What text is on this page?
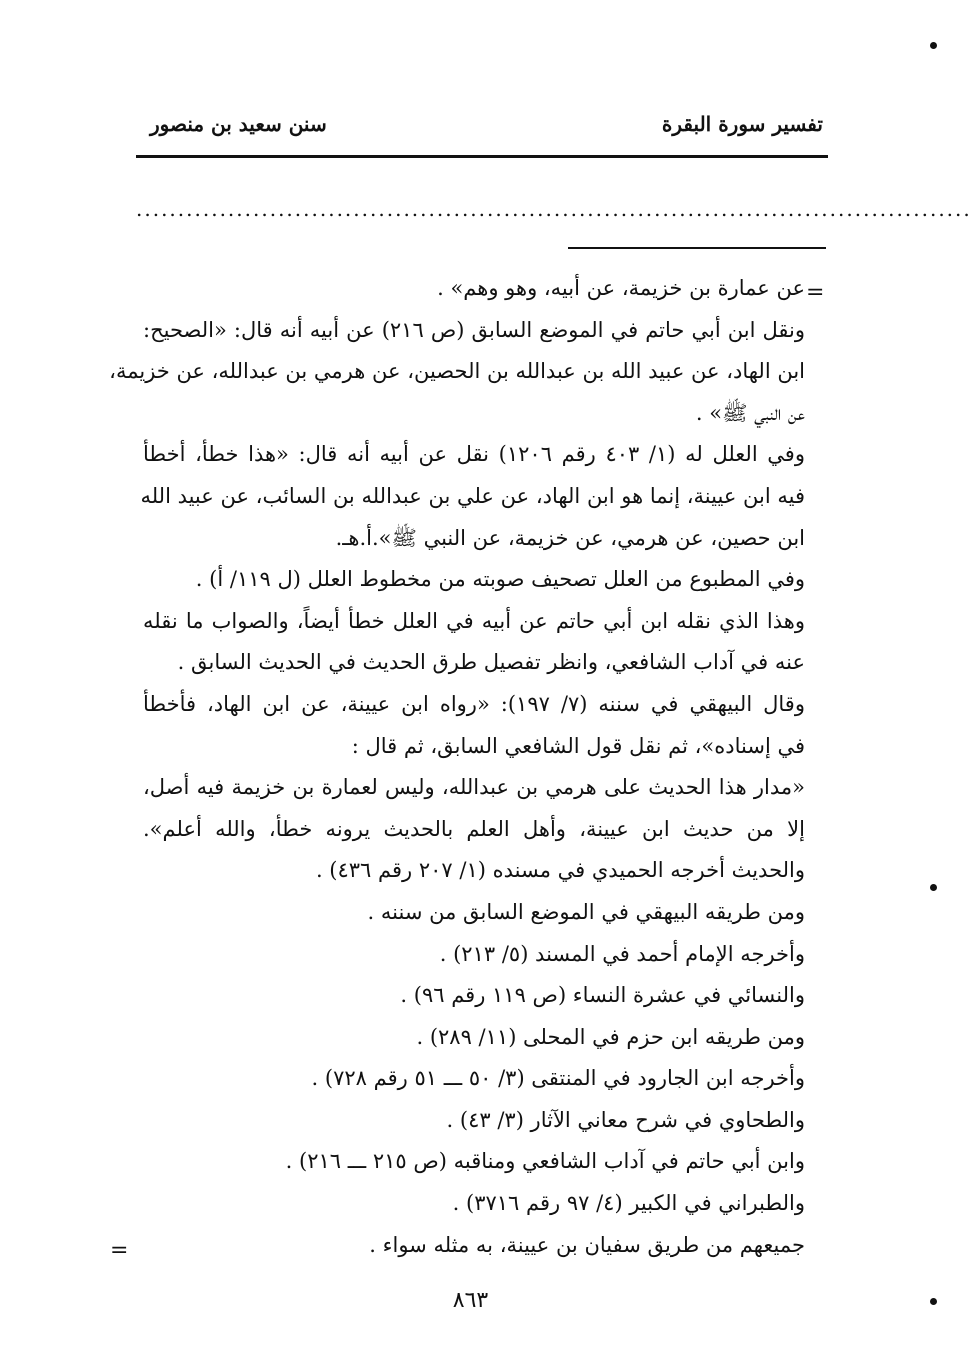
تفسير سورة البقرة
سنن سعيد بن منصور
....................................................................................................
=
عن عمارة بن خزيمة، عن أبيه، وهو وهم» .
ونقل ابن أبي حاتم في الموضع السابق (ص ٢١٦) عن أبيه أنه قال: «الصحيح:
ابن الهاد، عن عبيد الله بن عبدالله بن الحصين، عن هرمي بن عبدالله، عن خزيمة،
عن النبي ﷺ» .
وفي العلل له (١/ ٤٠٣ رقم ١٢٠٦) نقل عن أبيه أنه قال: «هذا خطأ، أخطأ
فيه ابن عيينة، إنما هو ابن الهاد، عن علي بن عبدالله بن السائب، عن عبيد الله
ابن حصين، عن هرمي، عن خزيمة، عن النبي ﷺ».أ.هـ.
وفي المطبوع من العلل تصحيف صوبته من مخطوط العلل (ل ١١٩/ أ) .
وهذا الذي نقله ابن أبي حاتم عن أبيه في العلل خطأ أيضاً، والصواب ما نقله
عنه في آداب الشافعي، وانظر تفصيل طرق الحديث في الحديث السابق .
وقال البيهقي في سننه (٧/ ١٩٧): «رواه ابن عيينة، عن ابن الهاد، فأخطأ
في إسناده»، ثم نقل قول الشافعي السابق، ثم قال :
«مدار هذا الحديث على هرمي بن عبدالله، وليس لعمارة بن خزيمة فيه أصل،
إلا من حديث ابن عيينة، وأهل العلم بالحديث يرونه خطأ، والله أعلم».
والحديث أخرجه الحميدي في مسنده (١/ ٢٠٧ رقم ٤٣٦) .
ومن طريقه البيهقي في الموضع السابق من سننه .
وأخرجه الإمام أحمد في المسند (٥/ ٢١٣) .
والنسائي في عشرة النساء (ص ١١٩ رقم ٩٦) .
ومن طريقه ابن حزم في المحلى (١١/ ٢٨٩) .
وأخرجه ابن الجارود في المنتقى (٣/ ٥٠ ـــ ٥١ رقم ٧٢٨) .
والطحاوي في شرح معاني الآثار (٣/ ٤٣) .
وابن أبي حاتم في آداب الشافعي ومناقبه (ص ٢١٥ ـــ ٢١٦) .
والطبراني في الكبير (٤/ ٩٧ رقم ٣٧١٦) .
جميعهم من طريق سفيان بن عيينة، به مثله سواء .
=
٨٦٣
